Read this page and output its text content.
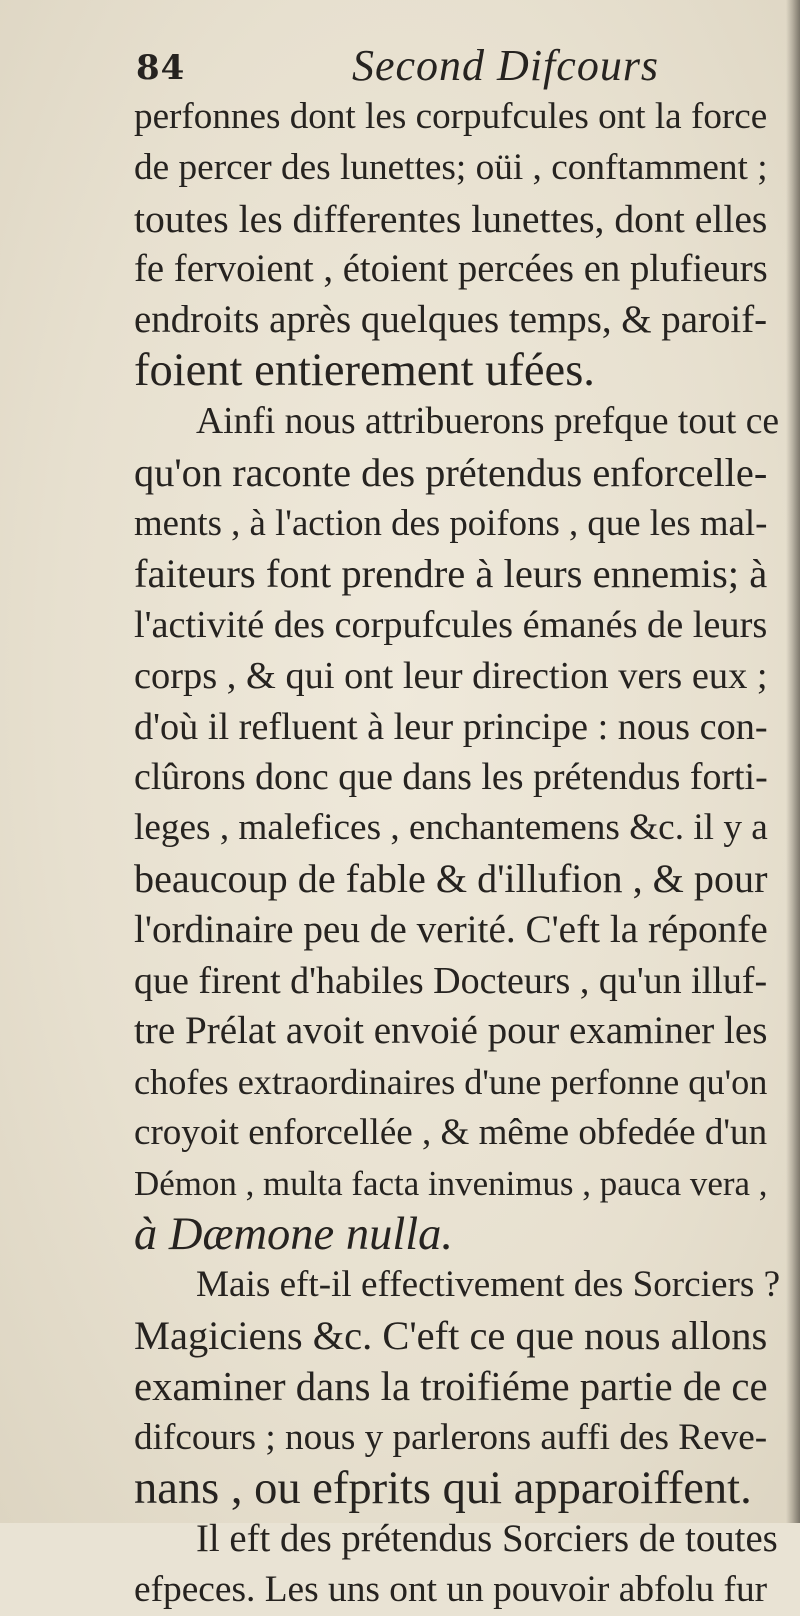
84	Second Difcours
perfonnes dont les corpufcules ont la force
de percer des lunettes; oüi , conftamment ;
toutes les differentes lunettes, dont elles
fe fervoient , étoient percées en plufieurs
endroits après quelques temps, & paroif-
foient entierement ufées.
Ainfi nous attribuerons prefque tout ce
qu'on raconte des prétendus enforcelle-
ments , à l'action des poifons , que les mal-
faiteurs font prendre à leurs ennemis; à
l'activité des corpufcules émanés de leurs
corps , & qui ont leur direction vers eux ;
d'où il refluent à leur principe : nous con-
clûrons donc que dans les prétendus forti-
leges , malefices , enchantemens &c. il y a
beaucoup de fable & d'illufion , & pour
l'ordinaire peu de verité. C'eft la réponfe
que firent d'habiles Docteurs , qu'un illuf-
tre Prélat avoit envoié pour examiner les
chofes extraordinaires d'une perfonne qu'on
croyoit enforcellée , & même obfedée d'un
Démon , multa facta invenimus , pauca vera ,
à Dæmone nulla.
Mais eft-il effectivement des Sorciers ?
Magiciens &c. C'eft ce que nous allons
examiner dans la troifiéme partie de ce
difcours ; nous y parlerons auffi des Reve-
nans , ou efprits qui apparoiffent.
Il eft des prétendus Sorciers de toutes
efpeces. Les uns ont un pouvoir abfolu fur
